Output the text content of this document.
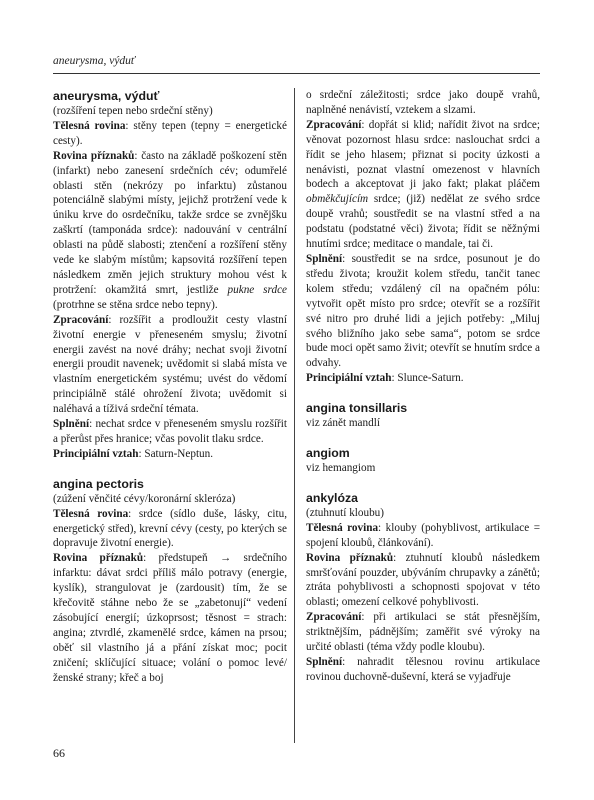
aneurysma, výduť
aneurysma, výduť

(rozšíření tepen nebo srdeční stěny)

Tělesná rovina: stěny tepen (tepny = energetické cesty).

Rovina příznaků: často na základě poškození stěn (infarkt) nebo zanesení srdečních cév; odumřelé oblasti stěn (nekrózy po infarktu) zůstanou potenciálně slabými místy, jejichž protržení vede k úniku krve do osrdečníku, takže srdce se zvnějšku zaškrtí (tamponáda srdce): nadouvání v centrální oblasti na půdě slabosti; ztenčení a rozšíření stěny vede ke slabým místům; kapsovitá rozšíření tepen následkem změn jejich struktury mohou vést k protržení: okamžitá smrt, jestliže pukne srdce (protrhne se stěna srdce nebo tepny).

Zpracování: rozšířit a prodloužit cesty vlastní životní energie v přeneseném smyslu; životní energii zavést na nové dráhy; nechat svoji životní energii proudit navenek; uvědomit si slabá místa ve vlastním energetickém systému; uvést do vědomí principiálně stálé ohrožení života; uvědomit si naléhavá a tíživá srdeční témata.

Splnění: nechat srdce v přeneseném smyslu rozšířit a přerůst přes hranice; včas povolit tlaku srdce.

Principiální vztah: Saturn-Neptun.

angina pectoris

(zúžení věnčité cévy/koronární skleróza)

Tělesná rovina: srdce (sídlo duše, lásky, citu, energetický střed), krevní cévy (cesty, po kterých se dopravuje životní energie).

Rovina příznaků: předstupeň → srdečního infarktu: dávat srdci příliš málo potravy (energie, kyslík), strangulovat je (zardousit) tím, že se křečovitě stáhne nebo že se „zabetonují“ vedení zásobující energií; úzkoprsost; těsnost = strach: angina; ztvrdlé, zkamenělé srdce, kámen na prsou; oběť sil vlastního já a přání získat moc; pocit zničení; sklíčující situace; volání o pomoc levé/ženské strany; křeč a boj

o srdeční záležitosti; srdce jako doupě vrahů, naplněné nenávistí, vztekem a slzami.

Zpracování: dopřát si klid; nařídit život na srdce; věnovat pozornost hlasu srdce: naslouchat srdci a řídit se jeho hlasem; přiznat si pocity úzkosti a nenávisti, poznat vlastní omezenost v hlavních bodech a akceptovat ji jako fakt; plakat pláčem obměkčujícím srdce; (již) nedělat ze svého srdce doupě vrahů; soustředit se na vlastní střed a na podstatu (podstatné věci) života; řídit se něžnými hnutími srdce; meditace o mandale, tai či.

Splnění: soustředit se na srdce, posunout je do středu života; kroužit kolem středu, tančit tanec kolem středu; vzdálený cíl na opačném pólu: vytvořit opět místo pro srdce; otevřít se a rozšířit své nitro pro druhé lidi a jejich potřeby: „Miluj svého bližního jako sebe sama“, potom se srdce bude moci opět samo živit; otevřít se hnutím srdce a odvahy.

Principiální vztah: Slunce-Saturn.

angina tonsillaris

viz zánět mandlí

angiom

viz hemangiom

ankylóza

(ztuhnutí kloubu)

Tělesná rovina: klouby (pohyblivost, artikulace = spojení kloubů, článkování).

Rovina příznaků: ztuhnutí kloubů následkem smršťování pouzder, ubýváním chrupavky a zánětů; ztráta pohyblivosti a schopnosti spojovat v této oblasti; omezení celkové pohyblivosti.

Zpracování: při artikulaci se stát přesnějším, striktnějším, pádnějším; zaměřit své výroky na určité oblasti (téma vždy podle kloubu).

Splnění: nahradit tělesnou rovinu artikulace rovinou duchovně-duševní, která se vyjadřuje

66
